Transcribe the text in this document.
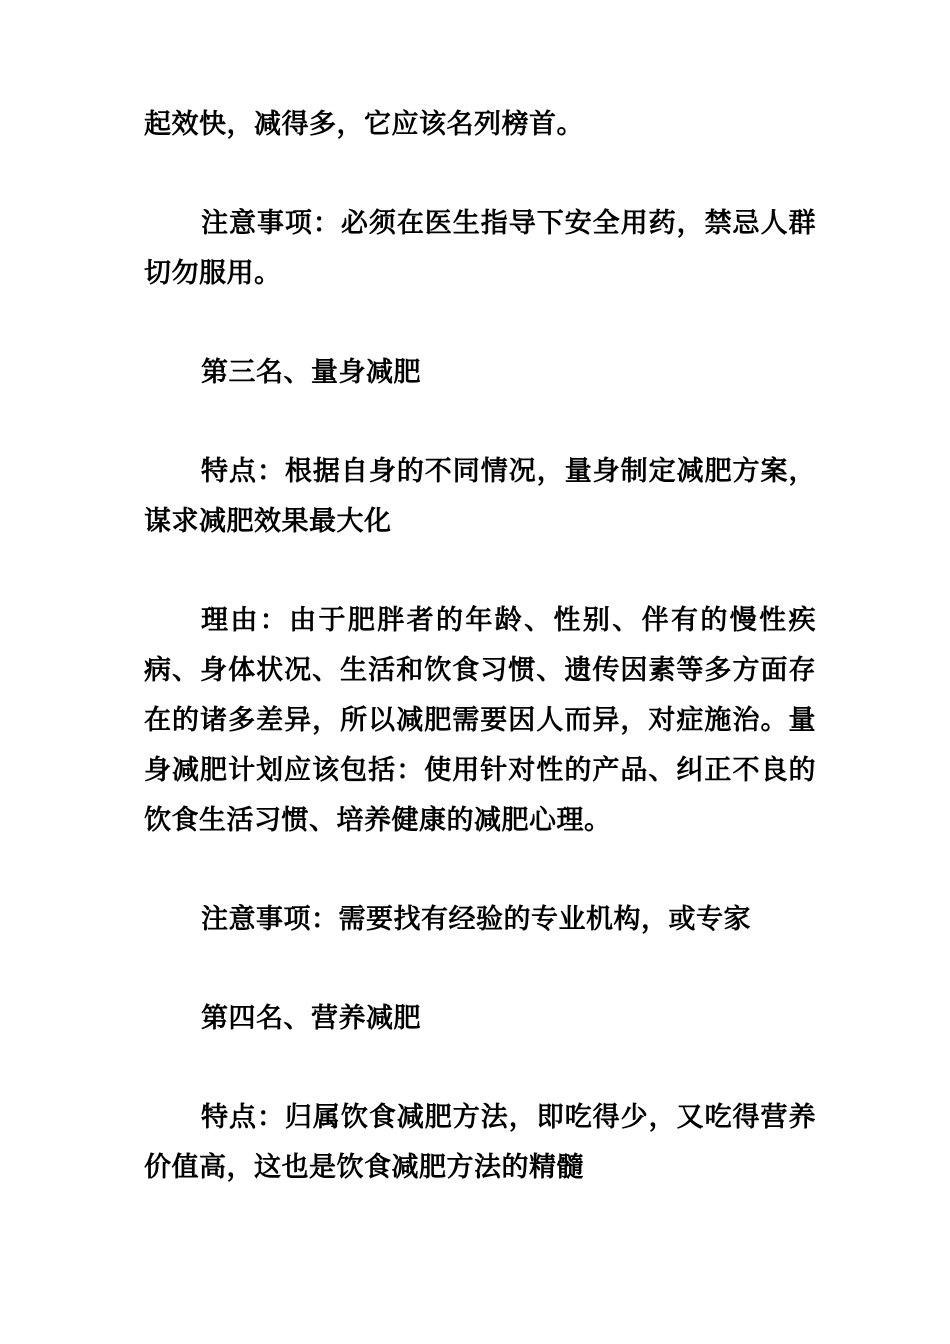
起效快，减得多，它应该名列榜首。

注意事项：必须在医生指导下安全用药，禁忌人群切勿服用。

第三名、量身减肥

特点：根据自身的不同情况，量身制定减肥方案，谋求减肥效果最大化

理由：由于肥胖者的年龄、性别、伴有的慢性疾病、身体状况、生活和饮食习惯、遗传因素等多方面存在的诸多差异，所以减肥需要因人而异，对症施治。量身减肥计划应该包括：使用针对性的产品、纠正不良的饮食生活习惯、培养健康的减肥心理。

注意事项：需要找有经验的专业机构，或专家

第四名、营养减肥

特点：归属饮食减肥方法，即吃得少，又吃得营养价值高，这也是饮食减肥方法的精髓
